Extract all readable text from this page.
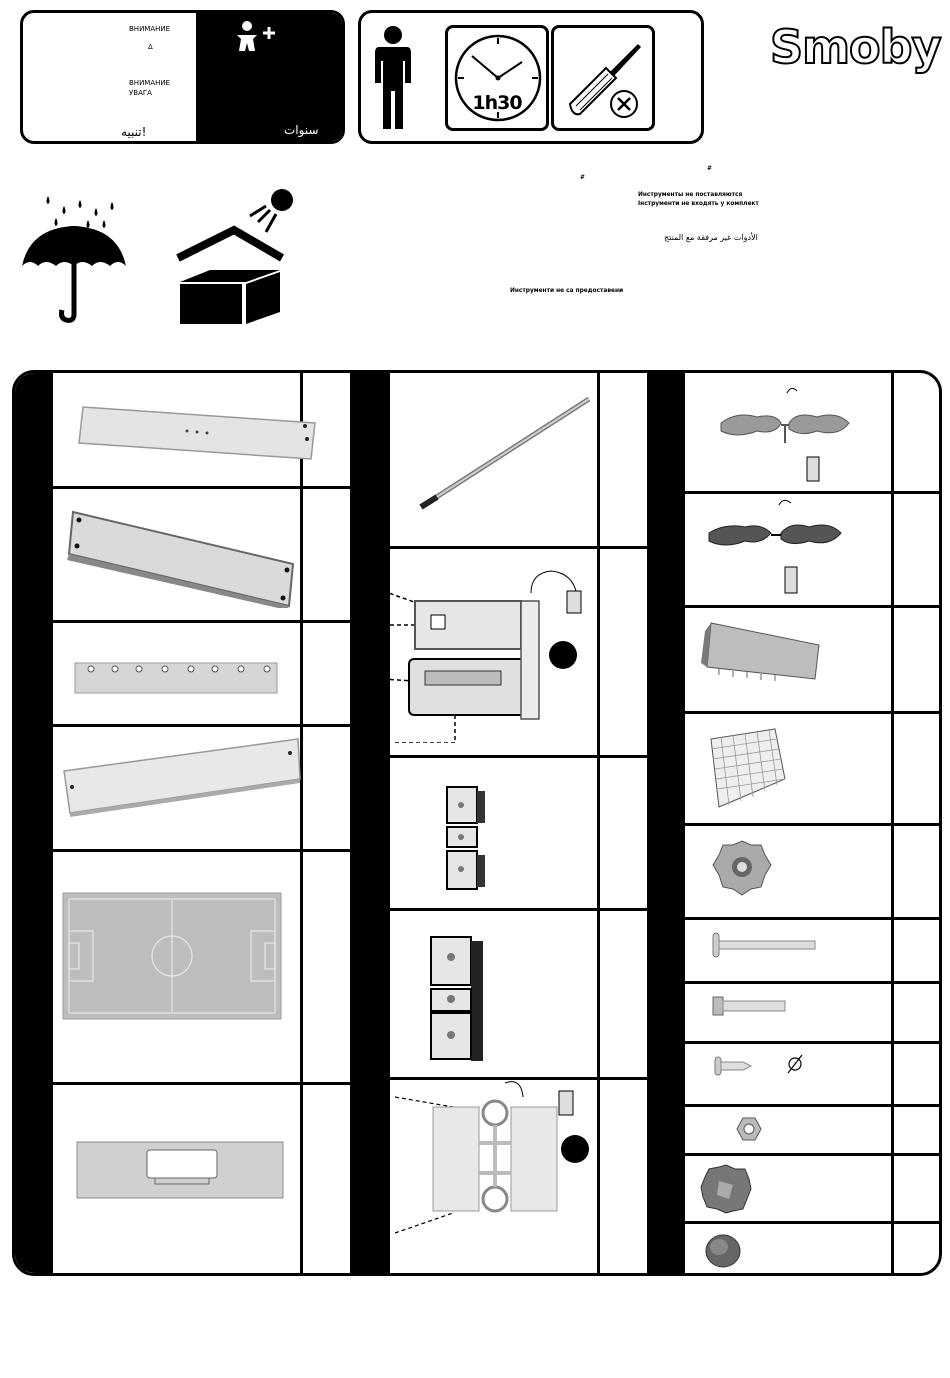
ВНИМАНИЕ
Δ
ВНИМАНИЕ
УВАГА
تنبيه!	سنوات
1h30
Smoby
#
#
Инструменты не поставляются
Інструменти не входять у комплект
الأدوات غير مرفقة مع المنتج
Инструменти не са предоставени
